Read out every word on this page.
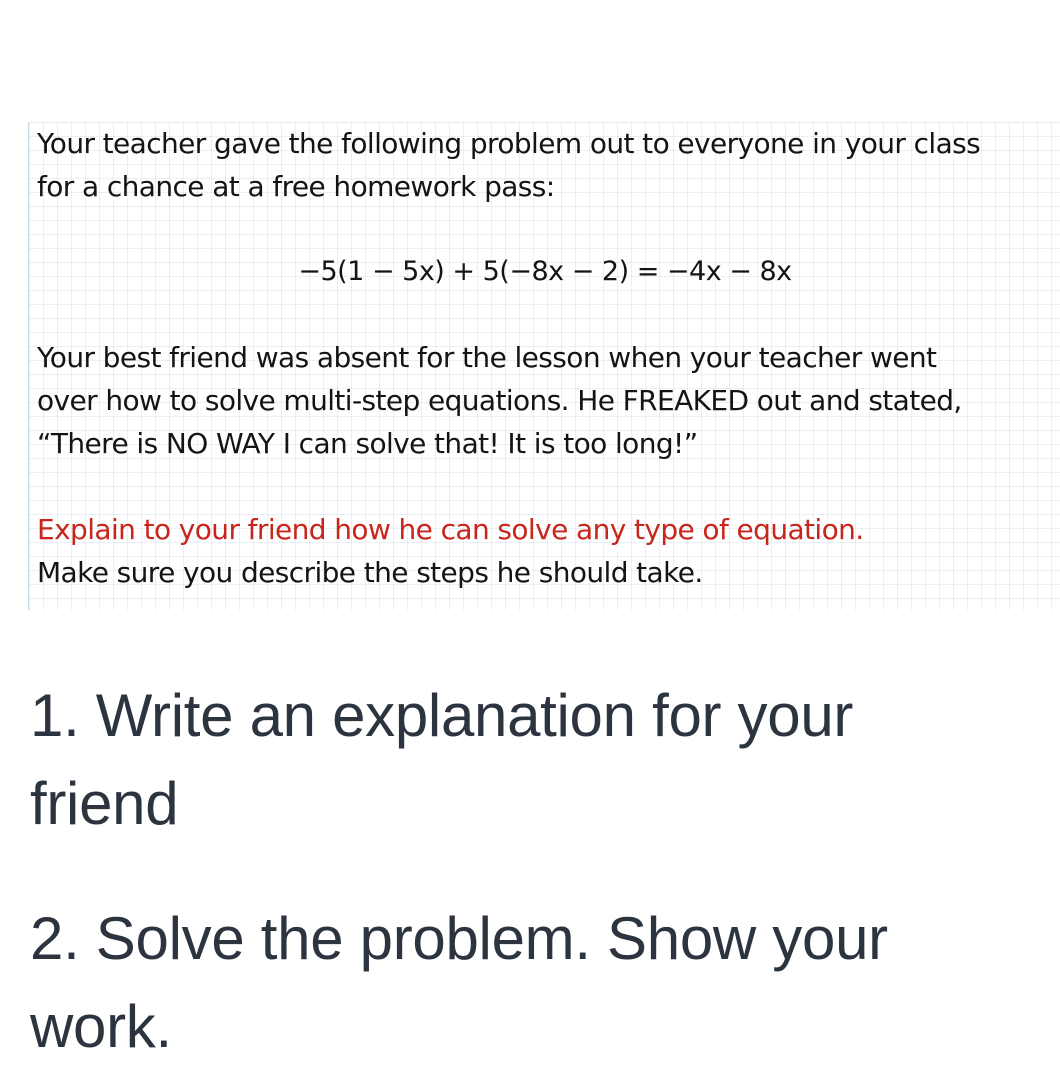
Your teacher gave the following problem out to everyone in your class
for a chance at a free homework pass:
−5(1 − 5x) + 5(−8x − 2) = −4x − 8x
Your best friend was absent for the lesson when your teacher went
over how to solve multi-step equations. He FREAKED out and stated,
“There is NO WAY I can solve that! It is too long!”
Explain to your friend how he can solve any type of equation.
Make sure you describe the steps he should take.
1. Write an explanation for your
friend
2. Solve the problem. Show your
work.
